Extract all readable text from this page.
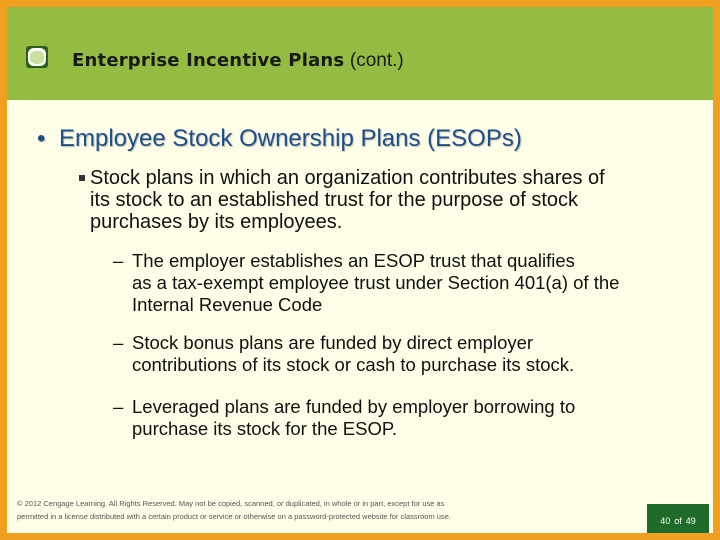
Enterprise Incentive Plans (cont.)
• Employee Stock Ownership Plans (ESOPs)
Stock plans in which an organization contributes shares of its stock to an established trust for the purpose of stock purchases by its employees.
– The employer establishes an ESOP trust that qualifies
as a tax-exempt employee trust under Section 401(a) of the Internal Revenue Code
– Stock bonus plans are funded by direct employer
contributions of its stock or cash to purchase its stock.
– Leveraged plans are funded by employer borrowing to
purchase its stock for the ESOP.
© 2012 Cengage Learning. All Rights Reserved. May not be copied, scanned, or duplicated, in whole or in part, except for use as
permitted in a license distributed with a certain product or service or otherwise on a password-protected website for classroom use.	40 of 49
